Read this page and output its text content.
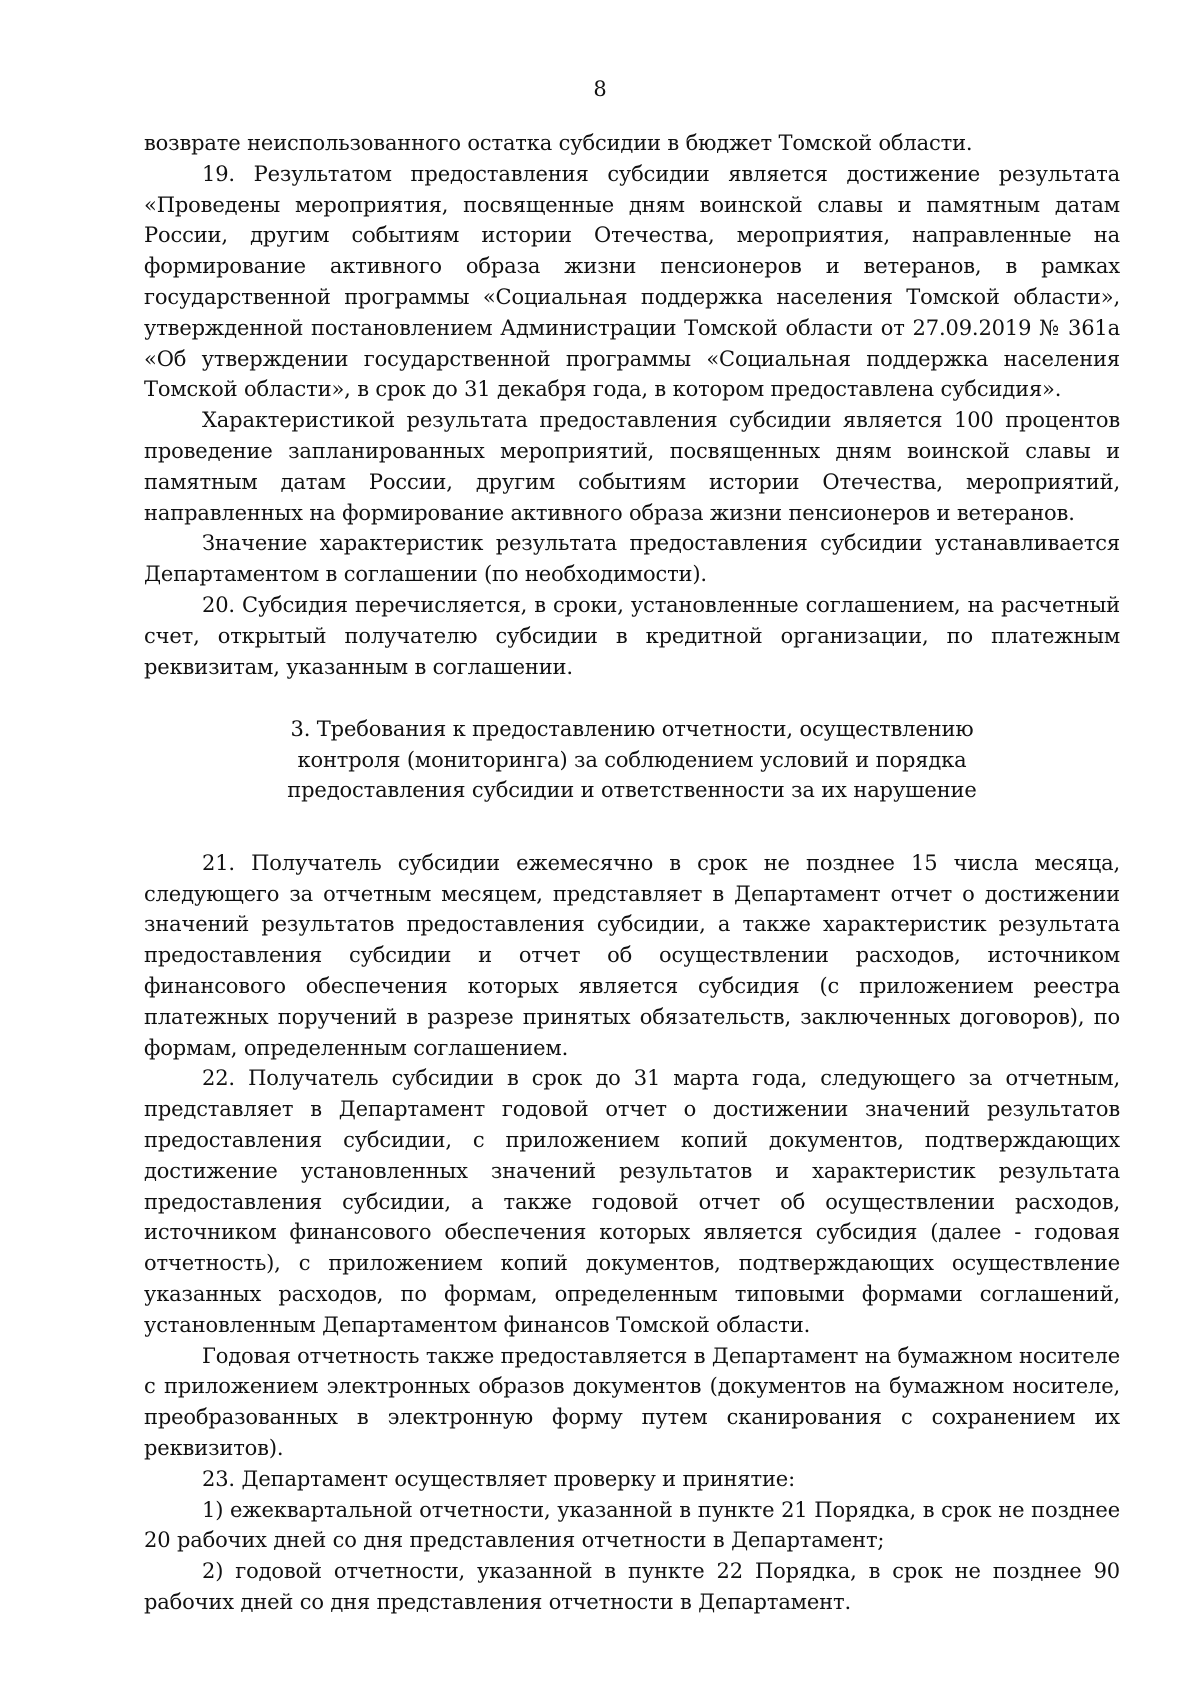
8

возврате неиспользованного остатка субсидии в бюджет Томской области.

19. Результатом предоставления субсидии является достижение результата «Проведены мероприятия, посвященные дням воинской славы и памятным датам России, другим событиям истории Отечества, мероприятия, направленные на формирование активного образа жизни пенсионеров и ветеранов, в рамках государственной программы «Социальная поддержка населения Томской области», утвержденной постановлением Администрации Томской области от 27.09.2019 № 361а «Об утверждении государственной программы «Социальная поддержка населения Томской области», в срок до 31 декабря года, в котором предоставлена субсидия».

Характеристикой результата предоставления субсидии является 100 процентов проведение запланированных мероприятий, посвященных дням воинской славы и памятным датам России, другим событиям истории Отечества, мероприятий, направленных на формирование активного образа жизни пенсионеров и ветеранов.

Значение характеристик результата предоставления субсидии устанавливается Департаментом в соглашении (по необходимости).

20. Субсидия перечисляется, в сроки, установленные соглашением, на расчетный счет, открытый получателю субсидии в кредитной организации, по платежным реквизитам, указанным в соглашении.

3. Требования к предоставлению отчетности, осуществлению контроля (мониторинга) за соблюдением условий и порядка предоставления субсидии и ответственности за их нарушение

21. Получатель субсидии ежемесячно в срок не позднее 15 числа месяца, следующего за отчетным месяцем, представляет в Департамент отчет о достижении значений результатов предоставления субсидии, а также характеристик результата предоставления субсидии и отчет об осуществлении расходов, источником финансового обеспечения которых является субсидия (с приложением реестра платежных поручений в разрезе принятых обязательств, заключенных договоров), по формам, определенным соглашением.

22. Получатель субсидии в срок до 31 марта года, следующего за отчетным, представляет в Департамент годовой отчет о достижении значений результатов предоставления субсидии, с приложением копий документов, подтверждающих достижение установленных значений результатов и характеристик результата предоставления субсидии, а также годовой отчет об осуществлении расходов, источником финансового обеспечения которых является субсидия (далее - годовая отчетность), с приложением копий документов, подтверждающих осуществление указанных расходов, по формам, определенным типовыми формами соглашений, установленным Департаментом финансов Томской области.

Годовая отчетность также предоставляется в Департамент на бумажном носителе с приложением электронных образов документов (документов на бумажном носителе, преобразованных в электронную форму путем сканирования с сохранением их реквизитов).

23. Департамент осуществляет проверку и принятие:

1) ежеквартальной отчетности, указанной в пункте 21 Порядка, в срок не позднее 20 рабочих дней со дня представления отчетности в Департамент;

2) годовой отчетности, указанной в пункте 22 Порядка, в срок не позднее 90 рабочих дней со дня представления отчетности в Департамент.
